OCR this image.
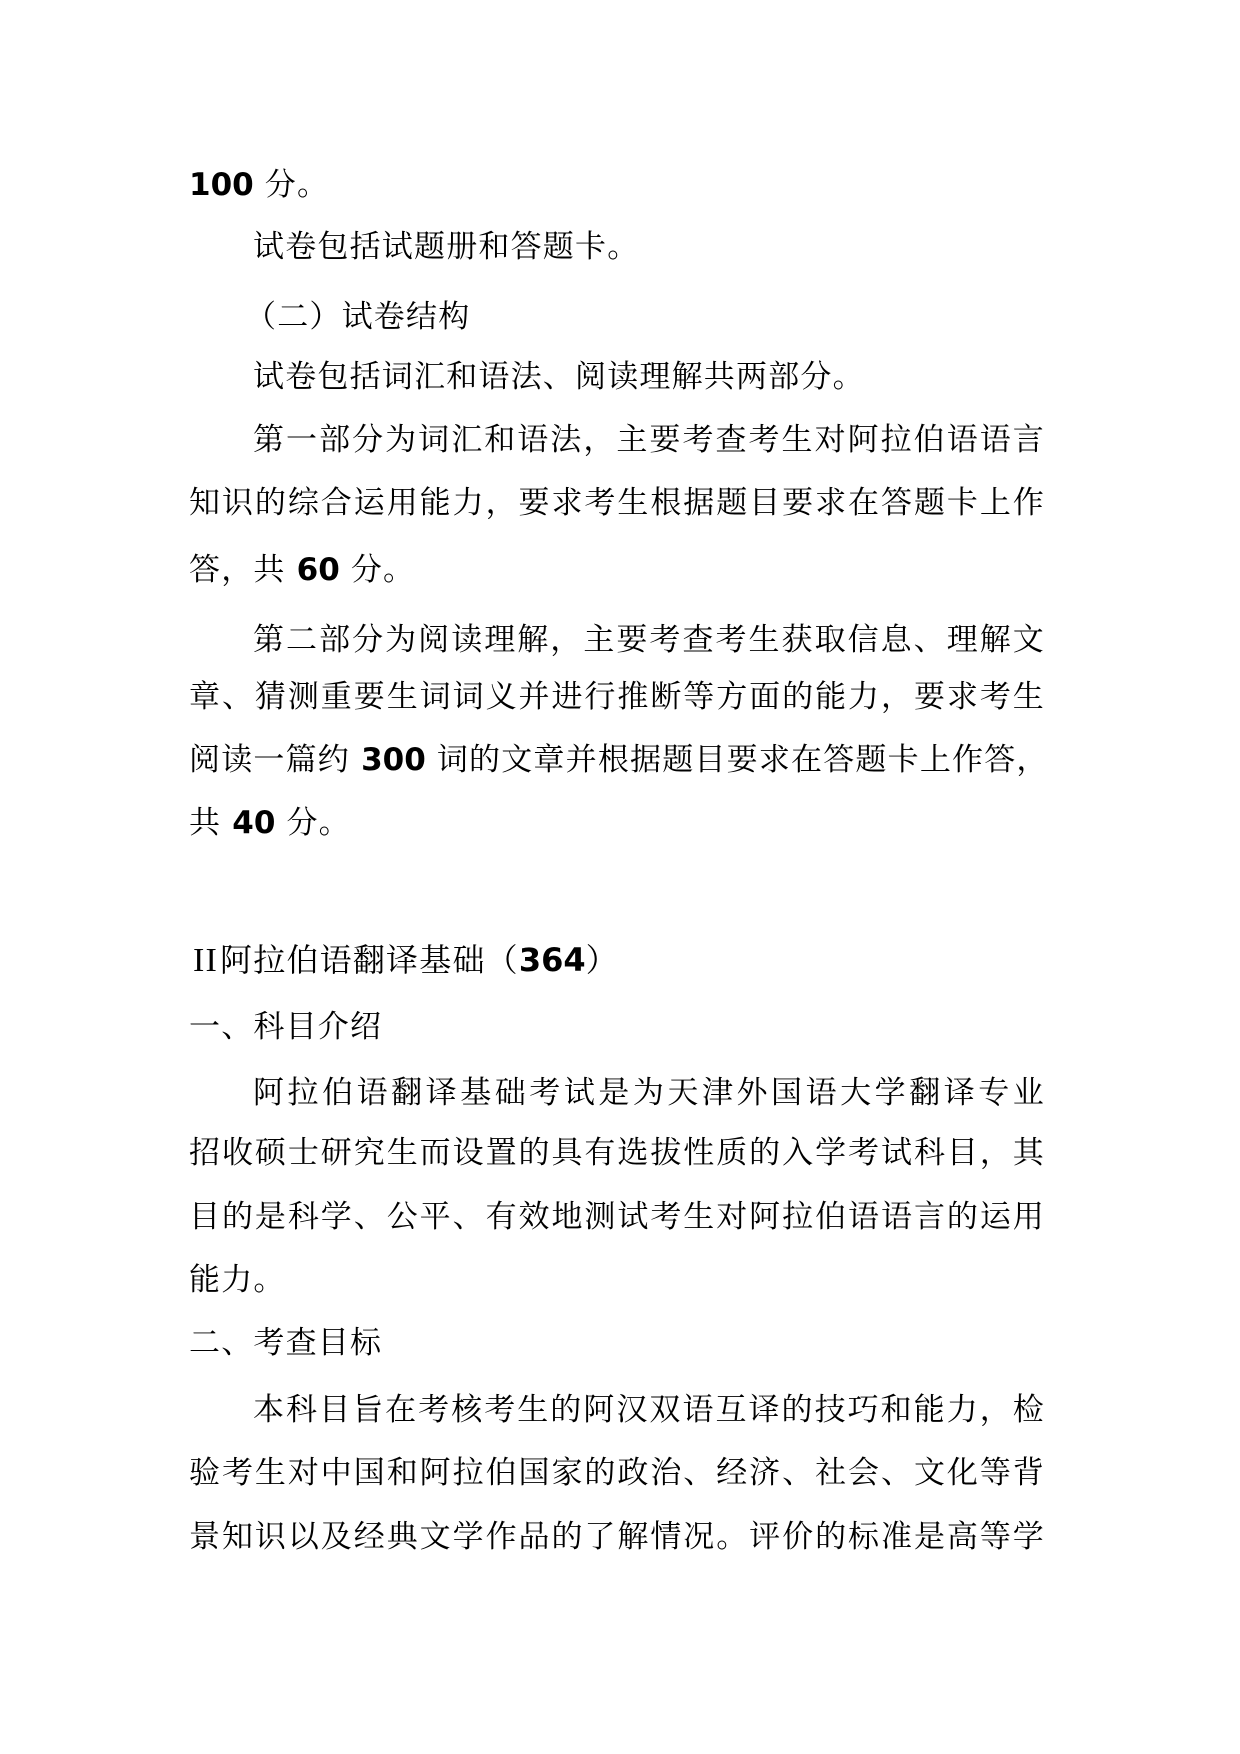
100 分。
试卷包括试题册和答题卡。
（二）试卷结构
试卷包括词汇和语法、阅读理解共两部分。
第一部分为词汇和语法，主要考查考生对阿拉伯语语言
知识的综合运用能力，要求考生根据题目要求在答题卡上作
答，共 60 分。
第二部分为阅读理解，主要考查考生获取信息、理解文
章、猜测重要生词词义并进行推断等方面的能力，要求考生
阅读一篇约 300 词的文章并根据题目要求在答题卡上作答，
共 40 分。
II阿拉伯语翻译基础（364）
一、科目介绍
阿拉伯语翻译基础考试是为天津外国语大学翻译专业
招收硕士研究生而设置的具有选拔性质的入学考试科目，其
目的是科学、公平、有效地测试考生对阿拉伯语语言的运用
能力。
二、考查目标
本科目旨在考核考生的阿汉双语互译的技巧和能力，检
验考生对中国和阿拉伯国家的政治、经济、社会、文化等背
景知识以及经典文学作品的了解情况。评价的标准是高等学
